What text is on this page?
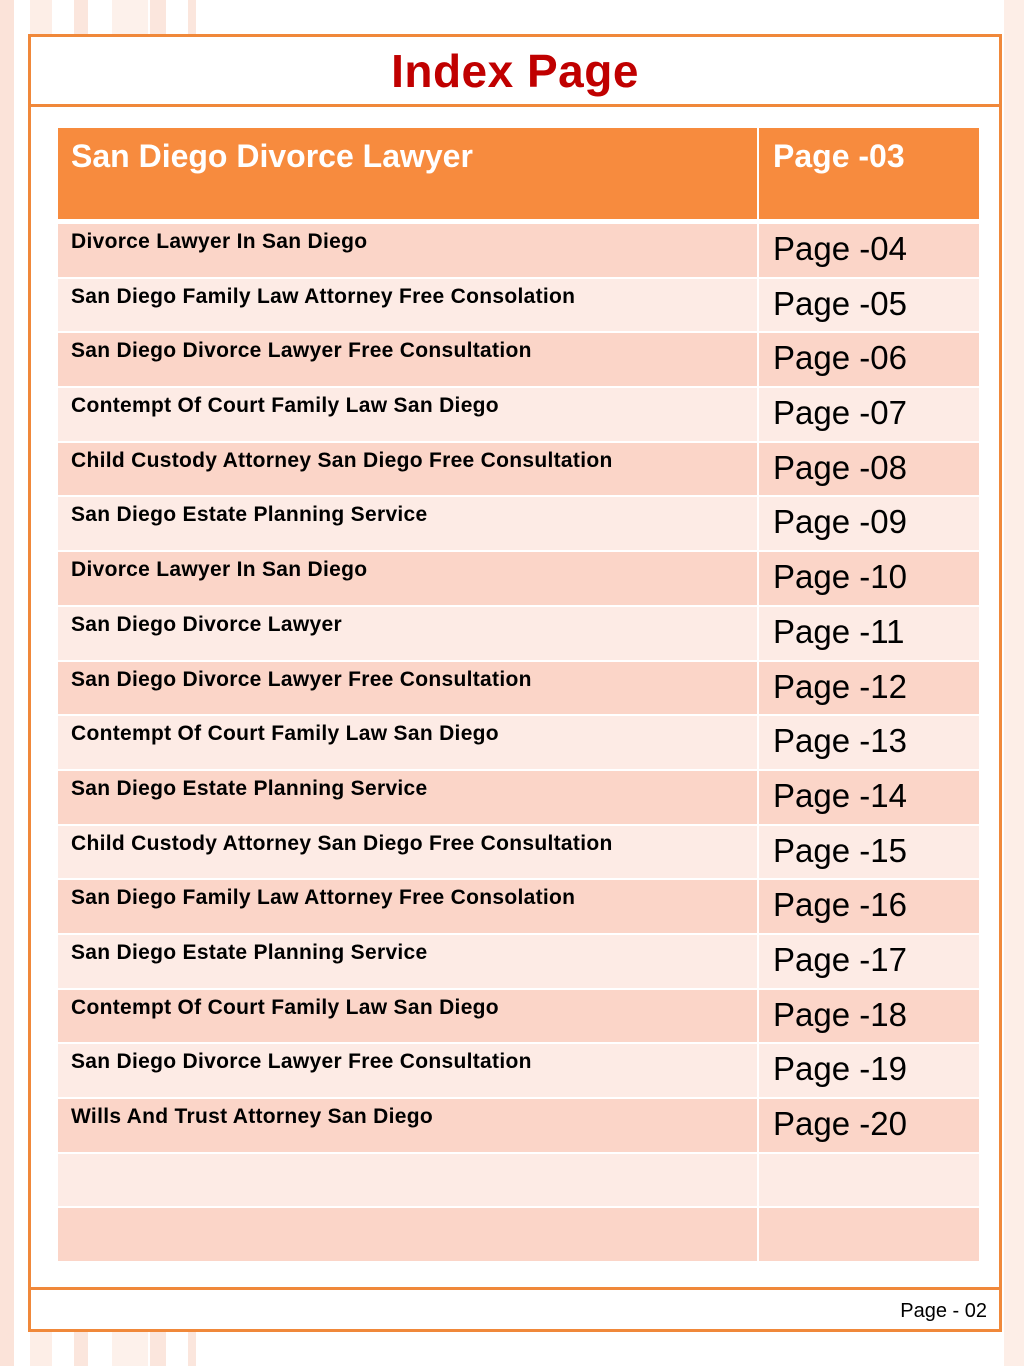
Index Page
San Diego Divorce Lawyer	Page -03
Divorce Lawyer In San Diego	Page -04
San Diego Family Law Attorney Free Consolation	Page -05
San Diego Divorce Lawyer Free Consultation	Page -06
Contempt Of Court Family Law San Diego	Page -07
Child Custody Attorney San Diego Free Consultation	Page -08
San Diego Estate Planning Service	Page -09
Divorce Lawyer In San Diego	Page -10
San Diego Divorce Lawyer	Page -11
San Diego Divorce Lawyer Free Consultation	Page -12
Contempt Of Court Family Law San Diego	Page -13
San Diego Estate Planning Service	Page -14
Child Custody Attorney San Diego Free Consultation	Page -15
San Diego Family Law Attorney Free Consolation	Page -16
San Diego Estate Planning Service	Page -17
Contempt Of Court Family Law San Diego	Page -18
San Diego Divorce Lawyer Free Consultation	Page -19
Wills And Trust Attorney San Diego	Page -20
Page - 02
